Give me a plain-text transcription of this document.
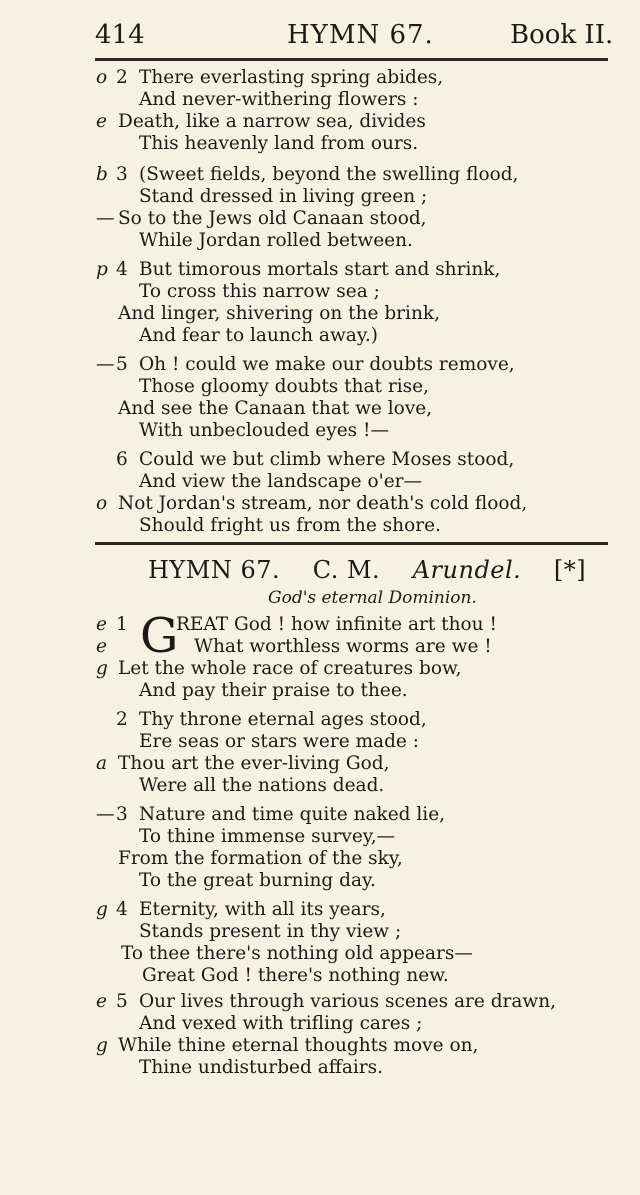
414	HYMN 67.	Book II.
o 2 There everlasting spring abides,
And never-withering flowers :
e Death, like a narrow sea, divides
This heavenly land from ours.
b 3 (Sweet fields, beyond the swelling flood,
Stand dressed in living green ;
— So to the Jews old Canaan stood,
While Jordan rolled between.
p 4 But timorous mortals start and shrink,
To cross this narrow sea ;
And linger, shivering on the brink,
And fear to launch away.)
— 5 Oh ! could we make our doubts remove,
Those gloomy doubts that rise,
And see the Canaan that we love,
With unbeclouded eyes !—
6 Could we but climb where Moses stood,
And view the landscape o'er—
o Not Jordan's stream, nor death's cold flood,
Should fright us from the shore.
HYMN 67. C. M. Arundel. [*]
God's eternal Dominion.
e 1 G
REAT God ! how infinite art thou !
e	What worthless worms are we !
g Let the whole race of creatures bow,
And pay their praise to thee.
2 Thy throne eternal ages stood,
Ere seas or stars were made :
a Thou art the ever-living God,
Were all the nations dead.
— 3 Nature and time quite naked lie,
To thine immense survey,—
From the formation of the sky,
To the great burning day.
g 4 Eternity, with all its years,
Stands present in thy view ;
To thee there's nothing old appears—
Great God ! there's nothing new.
e 5 Our lives through various scenes are drawn,
And vexed with trifling cares ;
g While thine eternal thoughts move on,
Thine undisturbed affairs.
